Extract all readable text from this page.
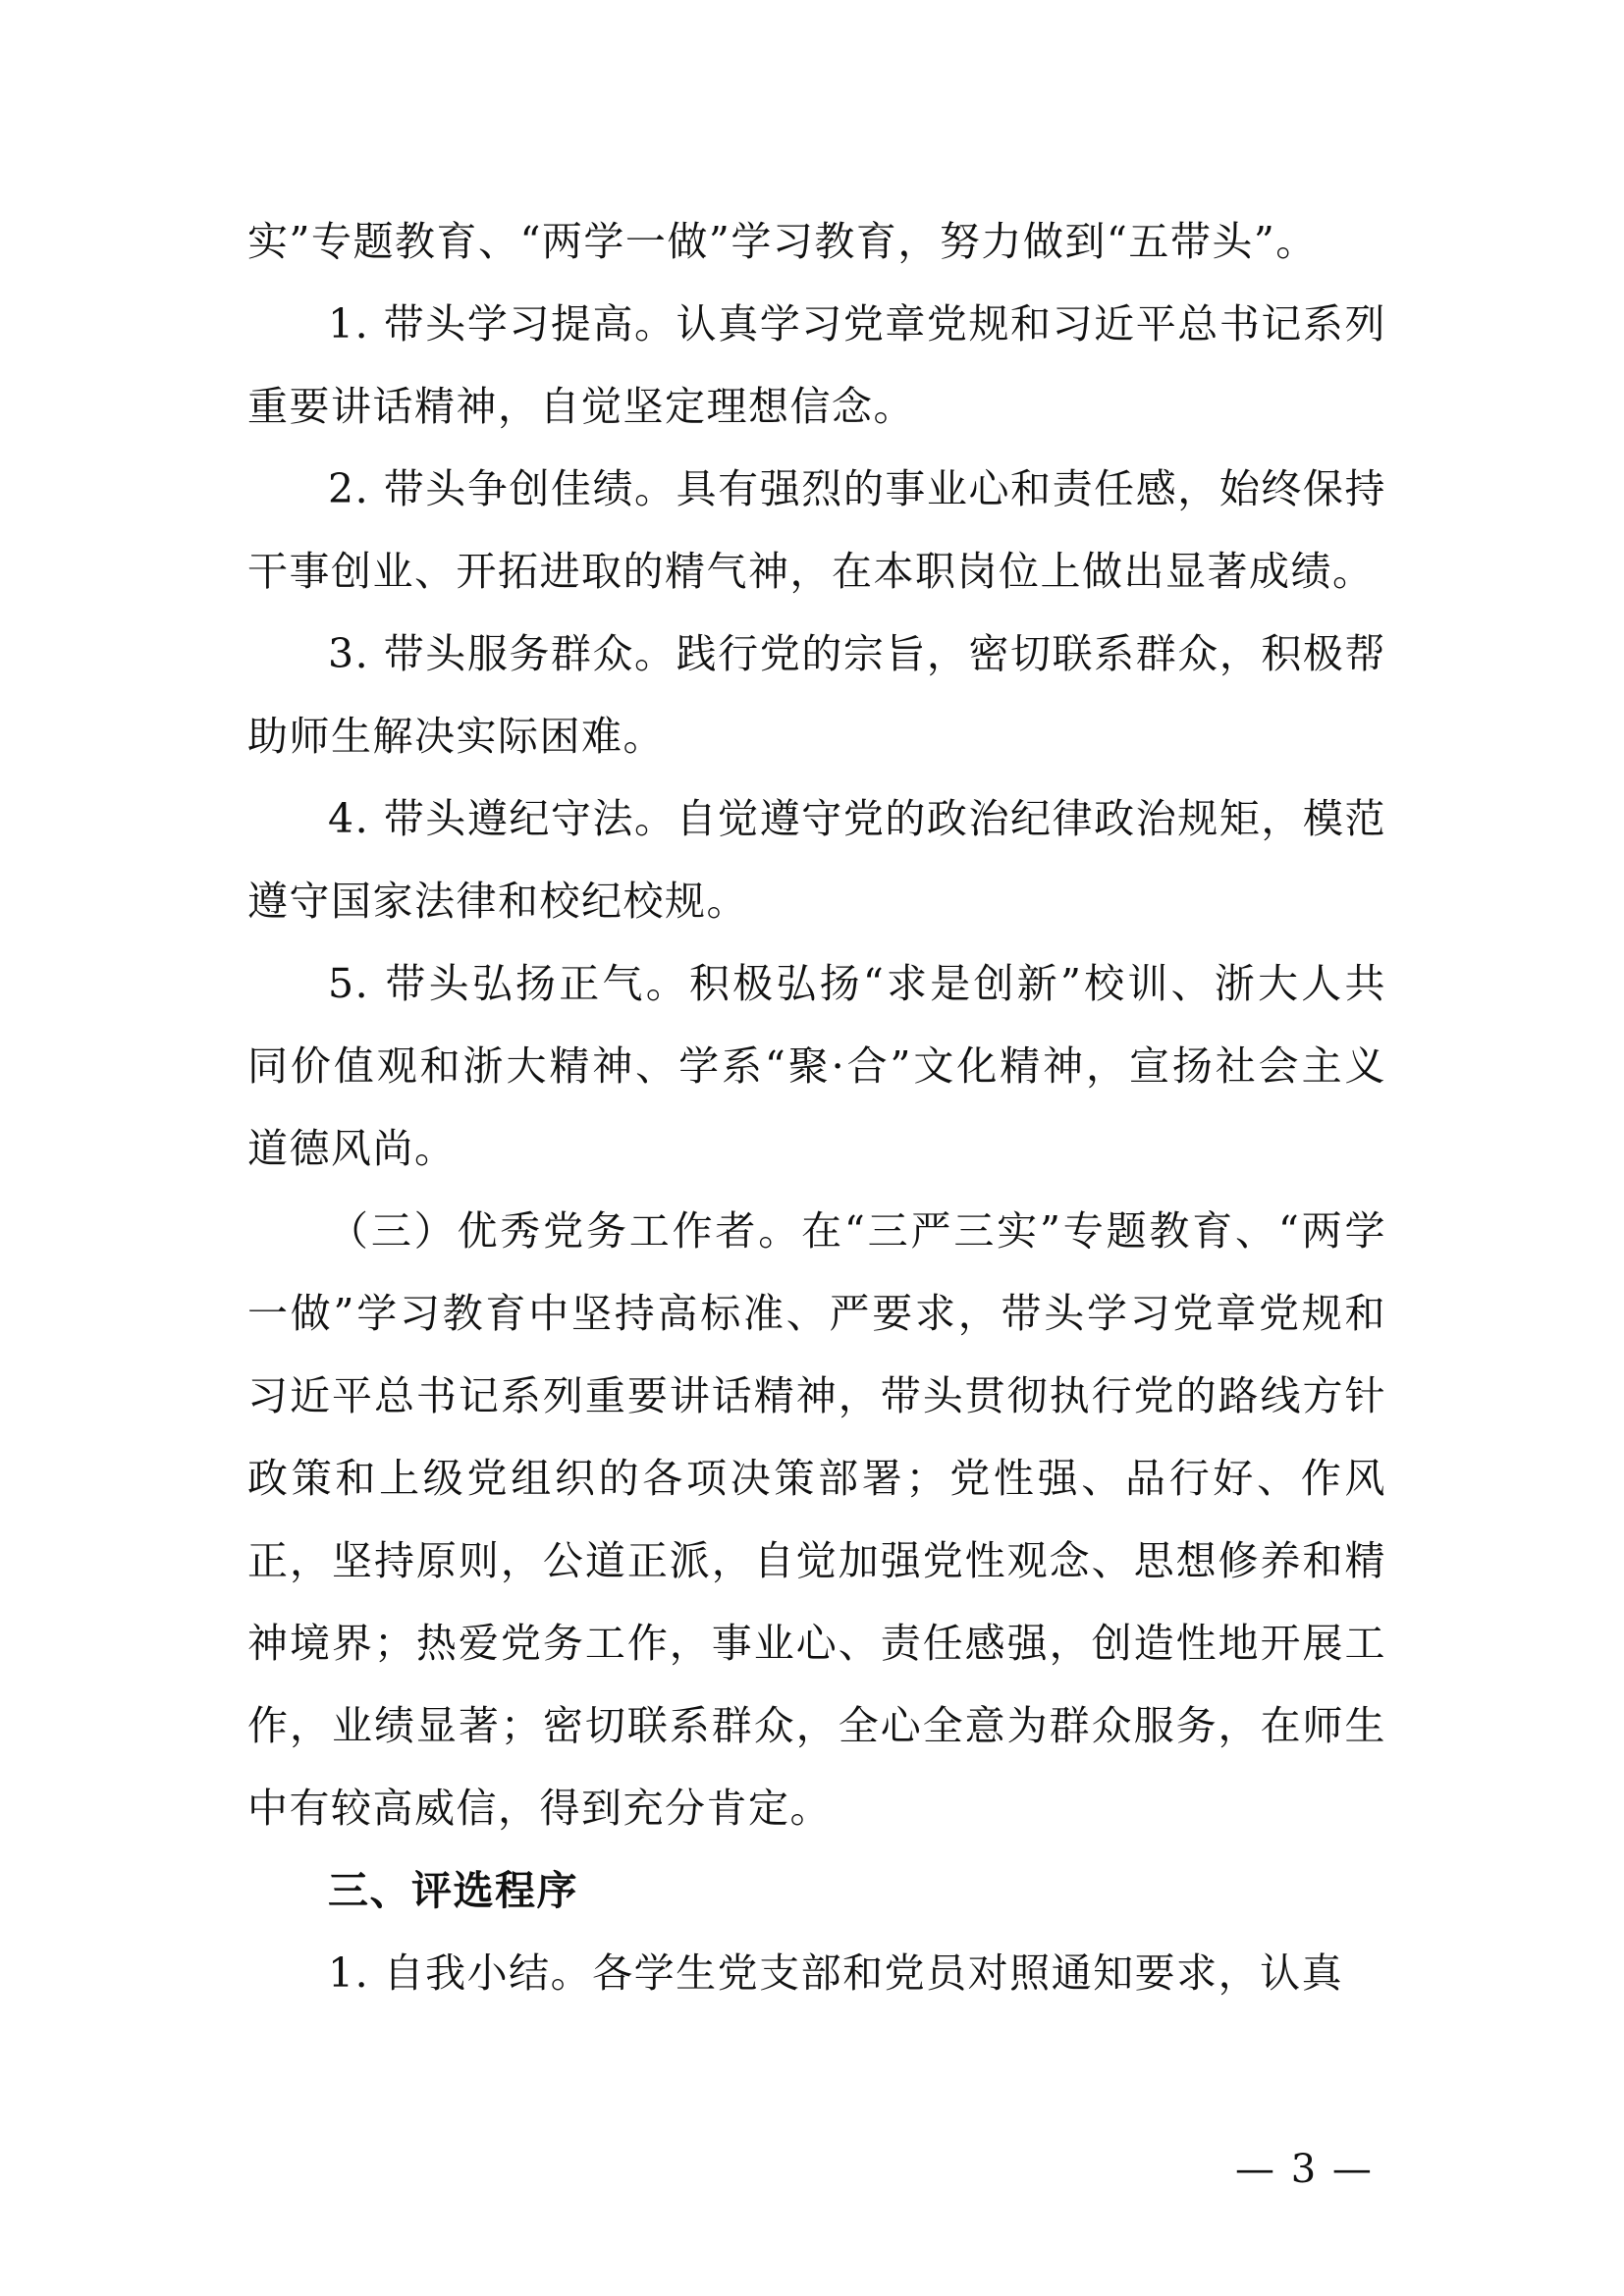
实”专题教育、“两学一做”学习教育，努力做到“五带头”。

1. 带头学习提高。认真学习党章党规和习近平总书记系列重要讲话精神，自觉坚定理想信念。

2. 带头争创佳绩。具有强烈的事业心和责任感，始终保持干事创业、开拓进取的精气神，在本职岗位上做出显著成绩。

3. 带头服务群众。践行党的宗旨，密切联系群众，积极帮助师生解决实际困难。

4. 带头遵纪守法。自觉遵守党的政治纪律政治规矩，模范遵守国家法律和校纪校规。

5. 带头弘扬正气。积极弘扬“求是创新”校训、浙大人共同价值观和浙大精神、学系“聚·合”文化精神，宣扬社会主义道德风尚。

（三）优秀党务工作者。在“三严三实”专题教育、“两学一做”学习教育中坚持高标准、严要求，带头学习党章党规和习近平总书记系列重要讲话精神，带头贯彻执行党的路线方针政策和上级党组织的各项决策部署；党性强、品行好、作风正，坚持原则，公道正派，自觉加强党性观念、思想修养和精神境界；热爱党务工作，事业心、责任感强，创造性地开展工作，业绩显著；密切联系群众，全心全意为群众服务，在师生中有较高威信，得到充分肯定。

三、评选程序

1. 自我小结。各学生党支部和党员对照通知要求，认真

— 3 —
